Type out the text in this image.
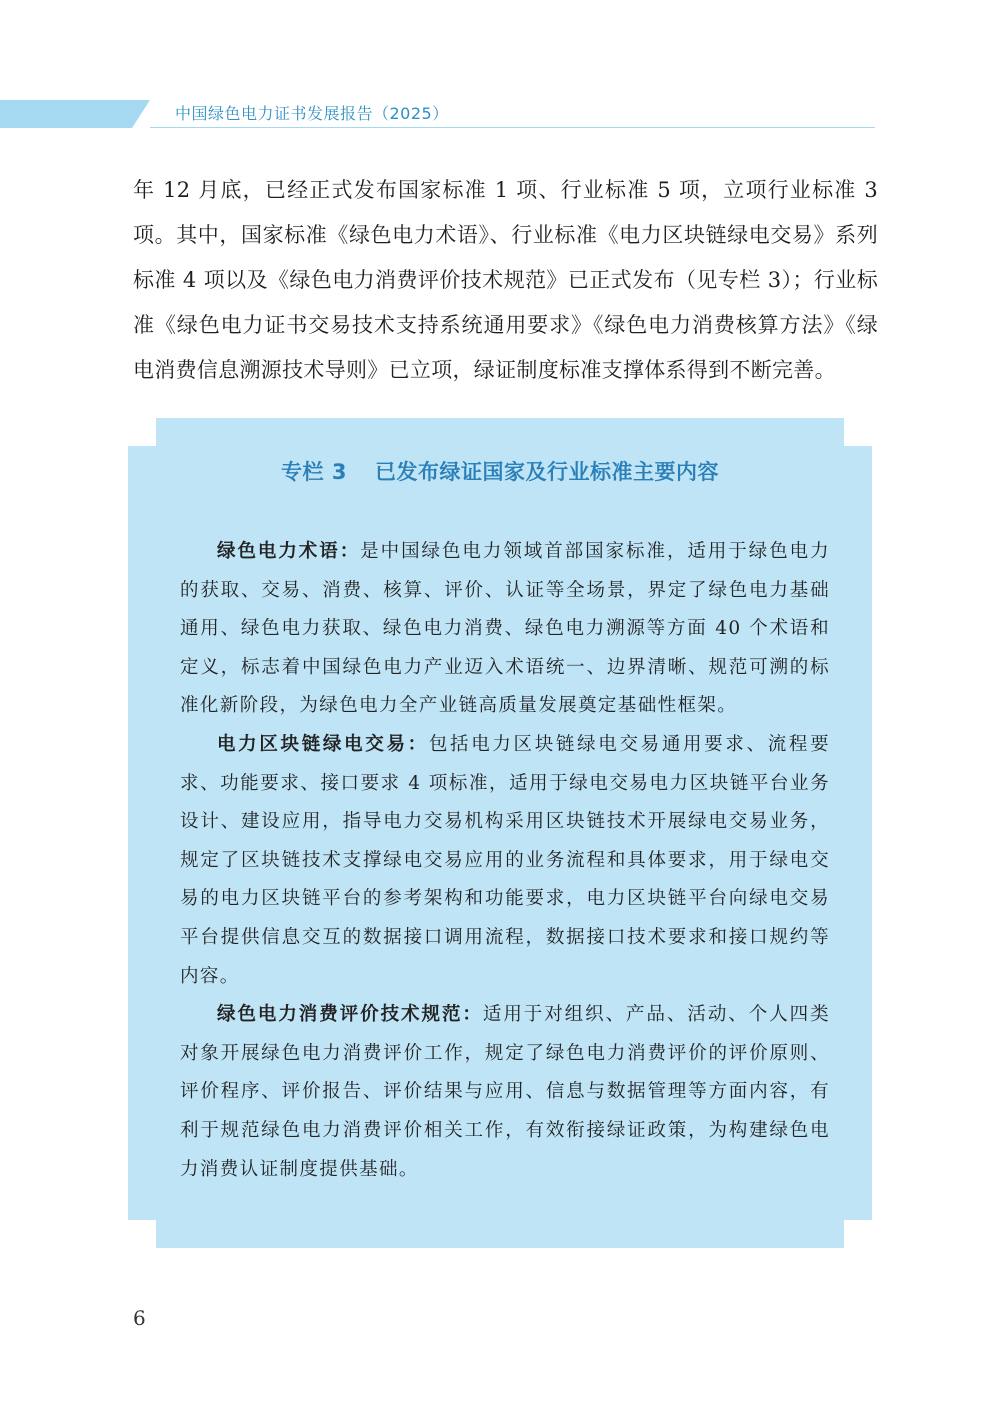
中国绿色电力证书发展报告（2025）

年 12 月底，已经正式发布国家标准 1 项、行业标准 5 项，立项行业标准 3 项。其中，国家标准《绿色电力术语》、行业标准《电力区块链绿电交易》系列标准 4 项以及《绿色电力消费评价技术规范》已正式发布（见专栏 3）；行业标准《绿色电力证书交易技术支持系统通用要求》《绿色电力消费核算方法》《绿电消费信息溯源技术导则》已立项，绿证制度标准支撑体系得到不断完善。

专栏 3 已发布绿证国家及行业标准主要内容

绿色电力术语：是中国绿色电力领域首部国家标准，适用于绿色电力的获取、交易、消费、核算、评价、认证等全场景，界定了绿色电力基础通用、绿色电力获取、绿色电力消费、绿色电力溯源等方面 40 个术语和定义，标志着中国绿色电力产业迈入术语统一、边界清晰、规范可溯的标准化新阶段，为绿色电力全产业链高质量发展奠定基础性框架。

电力区块链绿电交易：包括电力区块链绿电交易通用要求、流程要求、功能要求、接口要求 4 项标准，适用于绿电交易电力区块链平台业务设计、建设应用，指导电力交易机构采用区块链技术开展绿电交易业务，规定了区块链技术支撑绿电交易应用的业务流程和具体要求，用于绿电交易的电力区块链平台的参考架构和功能要求，电力区块链平台向绿电交易平台提供信息交互的数据接口调用流程，数据接口技术要求和接口规约等内容。

绿色电力消费评价技术规范：适用于对组织、产品、活动、个人四类对象开展绿色电力消费评价工作，规定了绿色电力消费评价的评价原则、评价程序、评价报告、评价结果与应用、信息与数据管理等方面内容，有利于规范绿色电力消费评价相关工作，有效衔接绿证政策，为构建绿色电力消费认证制度提供基础。

6
